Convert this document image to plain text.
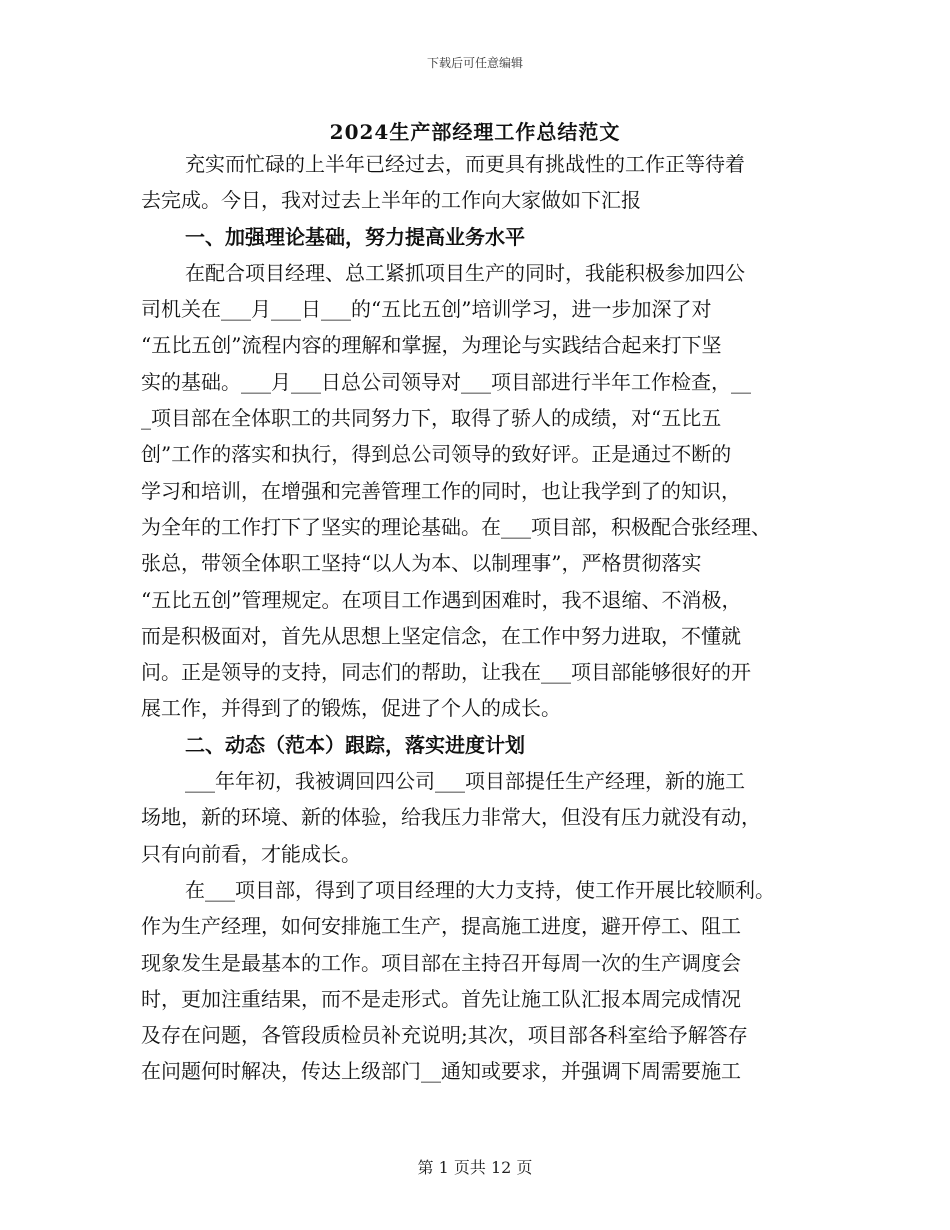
下载后可任意编辑
2024生产部经理工作总结范文
充实而忙碌的上半年已经过去，而更具有挑战性的工作正等待着
去完成。今日，我对过去上半年的工作向大家做如下汇报
一、加强理论基础，努力提高业务水平
在配合项目经理、总工紧抓项目生产的同时，我能积极参加四公
司机关在___月___日___的“五比五创”培训学习，进一步加深了对
“五比五创”流程内容的理解和掌握，为理论与实践结合起来打下坚
实的基础。___月___日总公司领导对___项目部进行半年工作检查，__
_项目部在全体职工的共同努力下，取得了骄人的成绩，对“五比五
创”工作的落实和执行，得到总公司领导的致好评。正是通过不断的
学习和培训，在增强和完善管理工作的同时，也让我学到了的知识，
为全年的工作打下了坚实的理论基础。在___项目部，积极配合张经理、
张总，带领全体职工坚持“以人为本、以制理事”，严格贯彻落实
“五比五创”管理规定。在项目工作遇到困难时，我不退缩、不消极，
而是积极面对，首先从思想上坚定信念，在工作中努力进取，不懂就
问。正是领导的支持，同志们的帮助，让我在___项目部能够很好的开
展工作，并得到了的锻炼，促进了个人的成长。
二、动态（范本）跟踪，落实进度计划
___年年初，我被调回四公司___项目部提任生产经理，新的施工
场地，新的环境、新的体验，给我压力非常大，但没有压力就没有动，
只有向前看，才能成长。
在___项目部，得到了项目经理的大力支持，使工作开展比较顺利。
作为生产经理，如何安排施工生产，提高施工进度，避开停工、阻工
现象发生是最基本的工作。项目部在主持召开每周一次的生产调度会
时，更加注重结果，而不是走形式。首先让施工队汇报本周完成情况
及存在问题，各管段质检员补充说明;其次，项目部各科室给予解答存
在问题何时解决，传达上级部门__通知或要求，并强调下周需要施工
第 1 页共 12 页
